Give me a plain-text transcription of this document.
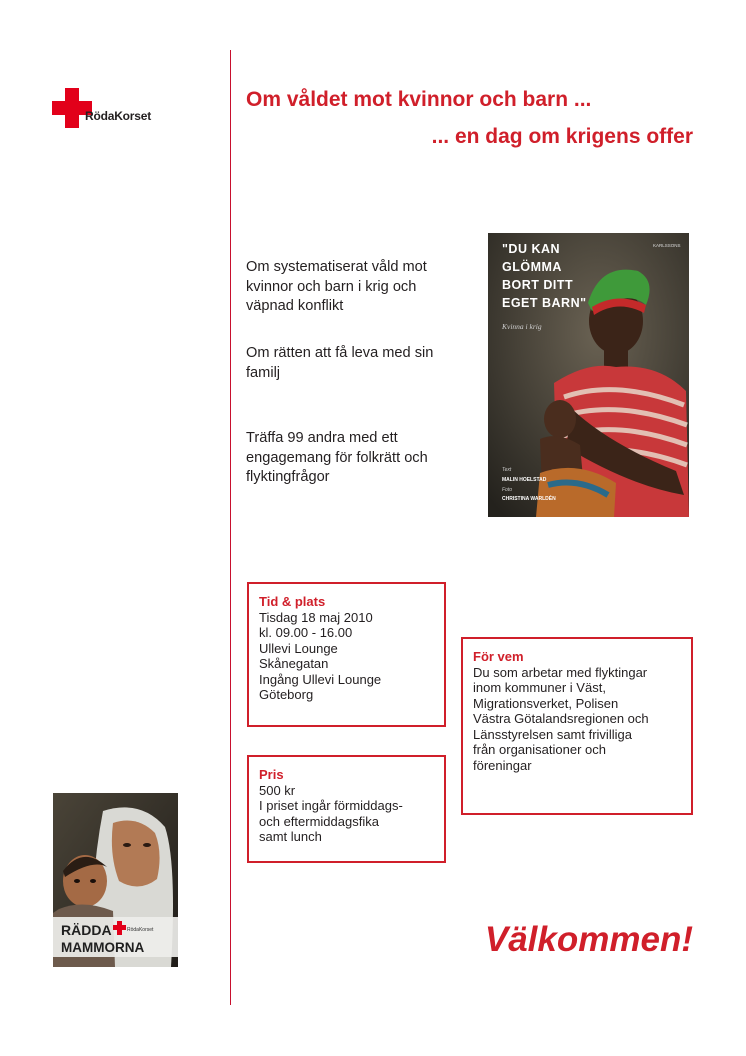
RödaKorset
Om våldet mot kvinnor och barn ...
... en dag om krigens offer
Om systematiserat våld mot kvinnor och barn i krig och väpnad konflikt
Om rätten att få leva med sin familj
Träffa 99 andra med ett engagemang för folkrätt och flyktingfrågor
"DU KAN
GLÖMMA
BORT DITT
EGET BARN"
Kvinna i krig
KARLSSONS
Text
MALIN HOELSTAD
Foto
CHRISTINA WARLDÉN
Tid & plats
Tisdag 18 maj 2010
kl. 09.00 - 16.00
Ullevi Lounge
Skånegatan
Ingång Ullevi Lounge
Göteborg
Pris
500 kr
I priset ingår förmiddags-
och eftermiddagsfika
samt lunch
För vem
Du som arbetar med flyktingar
inom kommuner i Väst,
Migrationsverket, Polisen
Västra Götalandsregionen och
Länsstyrelsen samt frivilliga
från organisationer och
föreningar
RÄDDA	RödaKorset
MAMMORNA	Välkommen!
